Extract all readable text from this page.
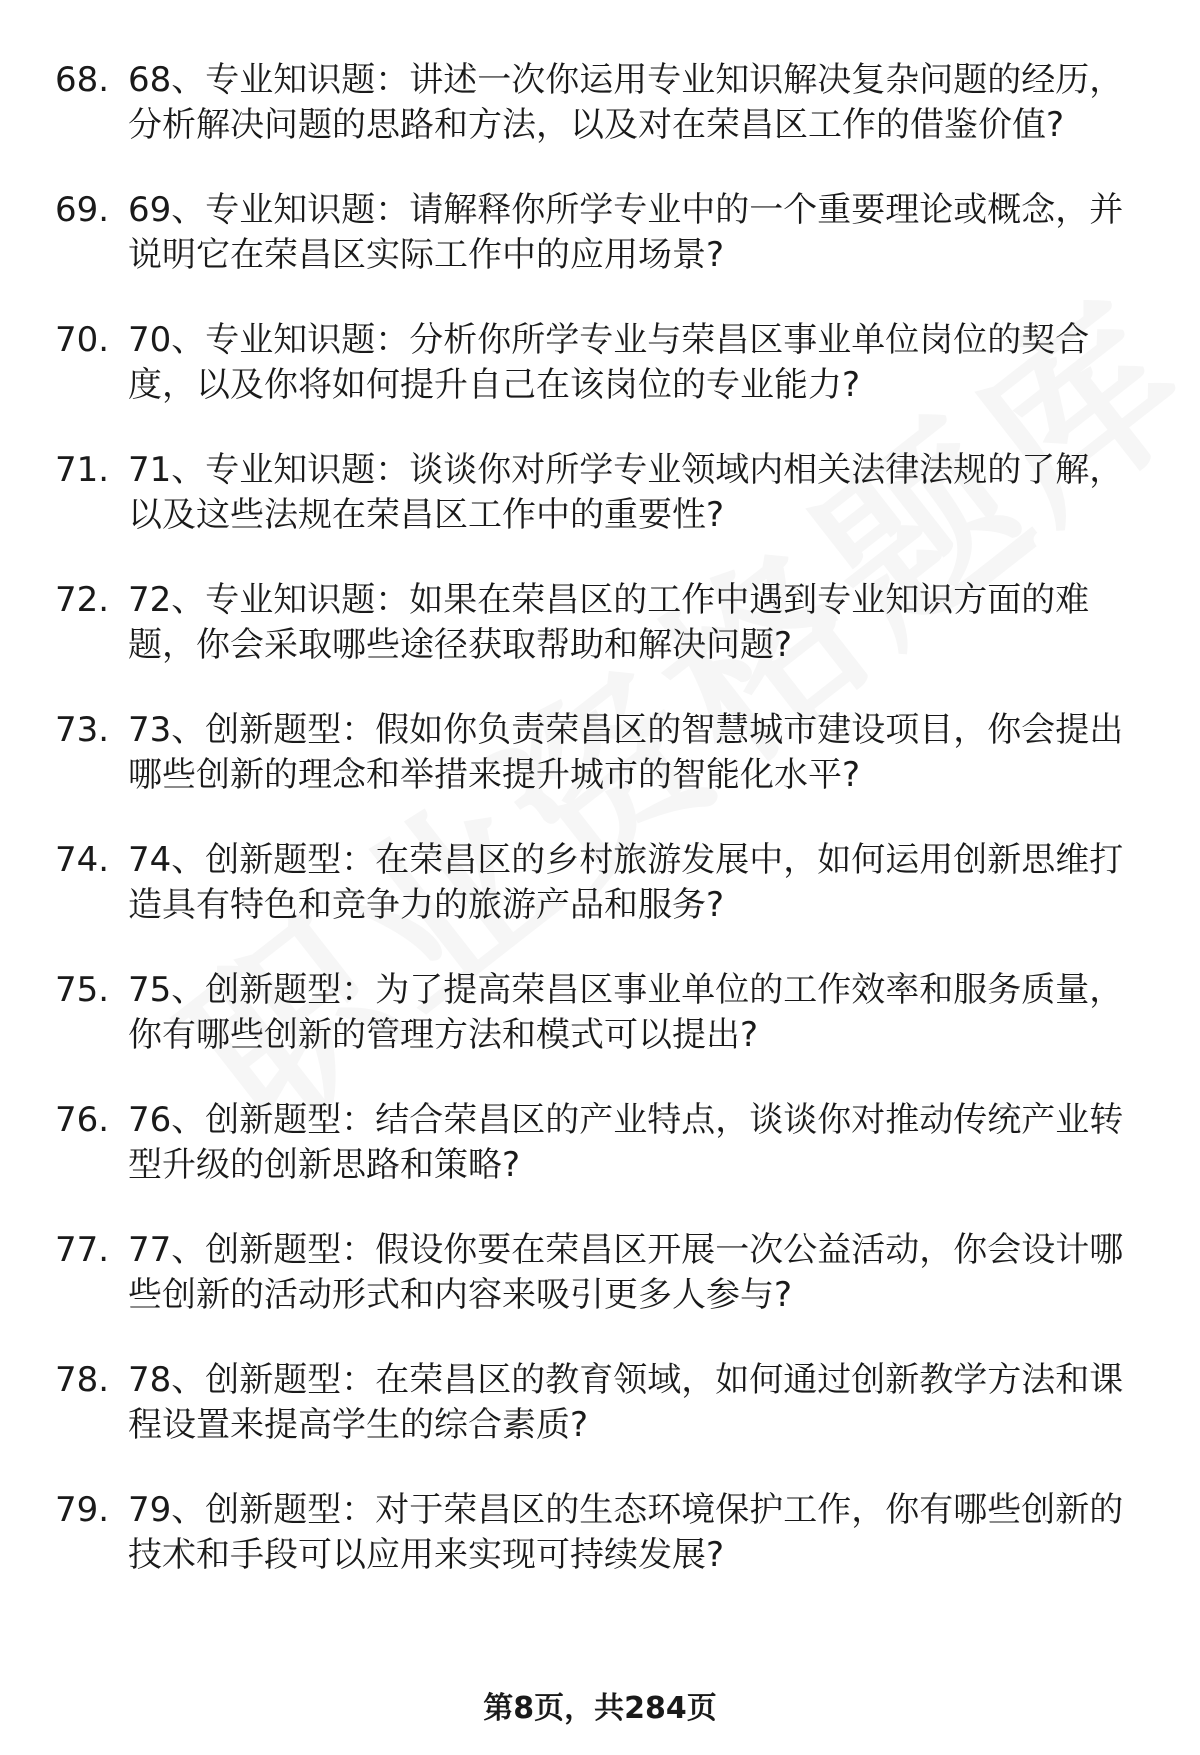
68. 68、专业知识题：讲述一次你运用专业知识解决复杂问题的经历，分析解决问题的思路和方法，以及对在荣昌区工作的借鉴价值?
69. 69、专业知识题：请解释你所学专业中的一个重要理论或概念，并说明它在荣昌区实际工作中的应用场景?
70. 70、专业知识题：分析你所学专业与荣昌区事业单位岗位的契合度，以及你将如何提升自己在该岗位的专业能力?
71. 71、专业知识题：谈谈你对所学专业领域内相关法律法规的了解，以及这些法规在荣昌区工作中的重要性?
72. 72、专业知识题：如果在荣昌区的工作中遇到专业知识方面的难题，你会采取哪些途径获取帮助和解决问题?
73. 73、创新题型：假如你负责荣昌区的智慧城市建设项目，你会提出哪些创新的理念和举措来提升城市的智能化水平?
74. 74、创新题型：在荣昌区的乡村旅游发展中，如何运用创新思维打造具有特色和竞争力的旅游产品和服务?
75. 75、创新题型：为了提高荣昌区事业单位的工作效率和服务质量，你有哪些创新的管理方法和模式可以提出?
76. 76、创新题型：结合荣昌区的产业特点，谈谈你对推动传统产业转型升级的创新思路和策略?
77. 77、创新题型：假设你要在荣昌区开展一次公益活动，你会设计哪些创新的活动形式和内容来吸引更多人参与?
78. 78、创新题型：在荣昌区的教育领域，如何通过创新教学方法和课程设置来提高学生的综合素质?
79. 79、创新题型：对于荣昌区的生态环境保护工作，你有哪些创新的技术和手段可以应用来实现可持续发展?
第8页，共284页
